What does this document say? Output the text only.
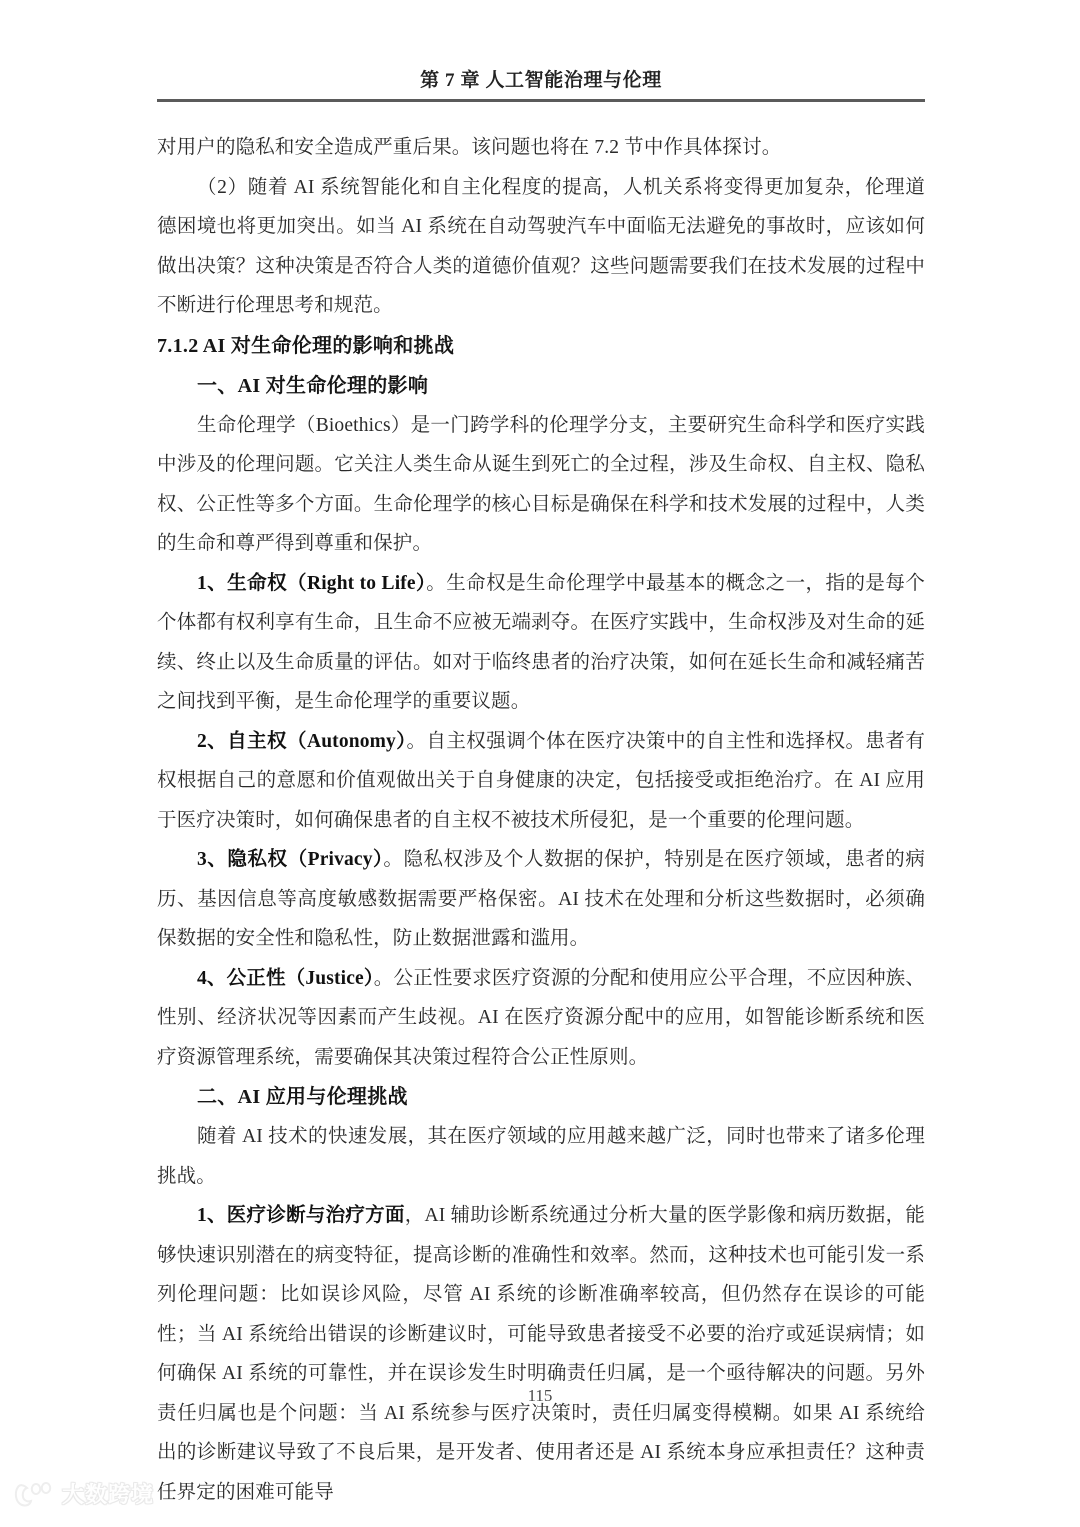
第 7 章 人工智能治理与伦理

对用户的隐私和安全造成严重后果。该问题也将在 7.2 节中作具体探讨。

（2）随着 AI 系统智能化和自主化程度的提高，人机关系将变得更加复杂，伦理道德困境也将更加突出。如当 AI 系统在自动驾驶汽车中面临无法避免的事故时，应该如何做出决策？这种决策是否符合人类的道德价值观？这些问题需要我们在技术发展的过程中不断进行伦理思考和规范。

7.1.2 AI 对生命伦理的影响和挑战
一、AI 对生命伦理的影响

生命伦理学（Bioethics）是一门跨学科的伦理学分支，主要研究生命科学和医疗实践中涉及的伦理问题。它关注人类生命从诞生到死亡的全过程，涉及生命权、自主权、隐私权、公正性等多个方面。生命伦理学的核心目标是确保在科学和技术发展的过程中，人类的生命和尊严得到尊重和保护。

1、生命权（Right to Life）。生命权是生命伦理学中最基本的概念之一，指的是每个个体都有权利享有生命，且生命不应被无端剥夺。在医疗实践中，生命权涉及对生命的延续、终止以及生命质量的评估。如对于临终患者的治疗决策，如何在延长生命和减轻痛苦之间找到平衡，是生命伦理学的重要议题。

2、自主权（Autonomy）。自主权强调个体在医疗决策中的自主性和选择权。患者有权根据自己的意愿和价值观做出关于自身健康的决定，包括接受或拒绝治疗。在 AI 应用于医疗决策时，如何确保患者的自主权不被技术所侵犯，是一个重要的伦理问题。

3、隐私权（Privacy）。隐私权涉及个人数据的保护，特别是在医疗领域，患者的病历、基因信息等高度敏感数据需要严格保密。AI 技术在处理和分析这些数据时，必须确保数据的安全性和隐私性，防止数据泄露和滥用。

4、公正性（Justice）。公正性要求医疗资源的分配和使用应公平合理，不应因种族、性别、经济状况等因素而产生歧视。AI 在医疗资源分配中的应用，如智能诊断系统和医疗资源管理系统，需要确保其决策过程符合公正性原则。

二、AI 应用与伦理挑战

随着 AI 技术的快速发展，其在医疗领域的应用越来越广泛，同时也带来了诸多伦理挑战。

1、医疗诊断与治疗方面，AI 辅助诊断系统通过分析大量的医学影像和病历数据，能够快速识别潜在的病变特征，提高诊断的准确性和效率。然而，这种技术也可能引发一系列伦理问题：比如误诊风险，尽管 AI 系统的诊断准确率较高，但仍然存在误诊的可能性；当 AI 系统给出错误的诊断建议时，可能导致患者接受不必要的治疗或延误病情；如何确保 AI 系统的可靠性，并在误诊发生时明确责任归属，是一个亟待解决的问题。另外责任归属也是个问题：当 AI 系统参与医疗决策时，责任归属变得模糊。如果 AI 系统给出的诊断建议导致了不良后果，是开发者、使用者还是 AI 系统本身应承担责任？这种责任界定的困难可能导

115
大数跨境
